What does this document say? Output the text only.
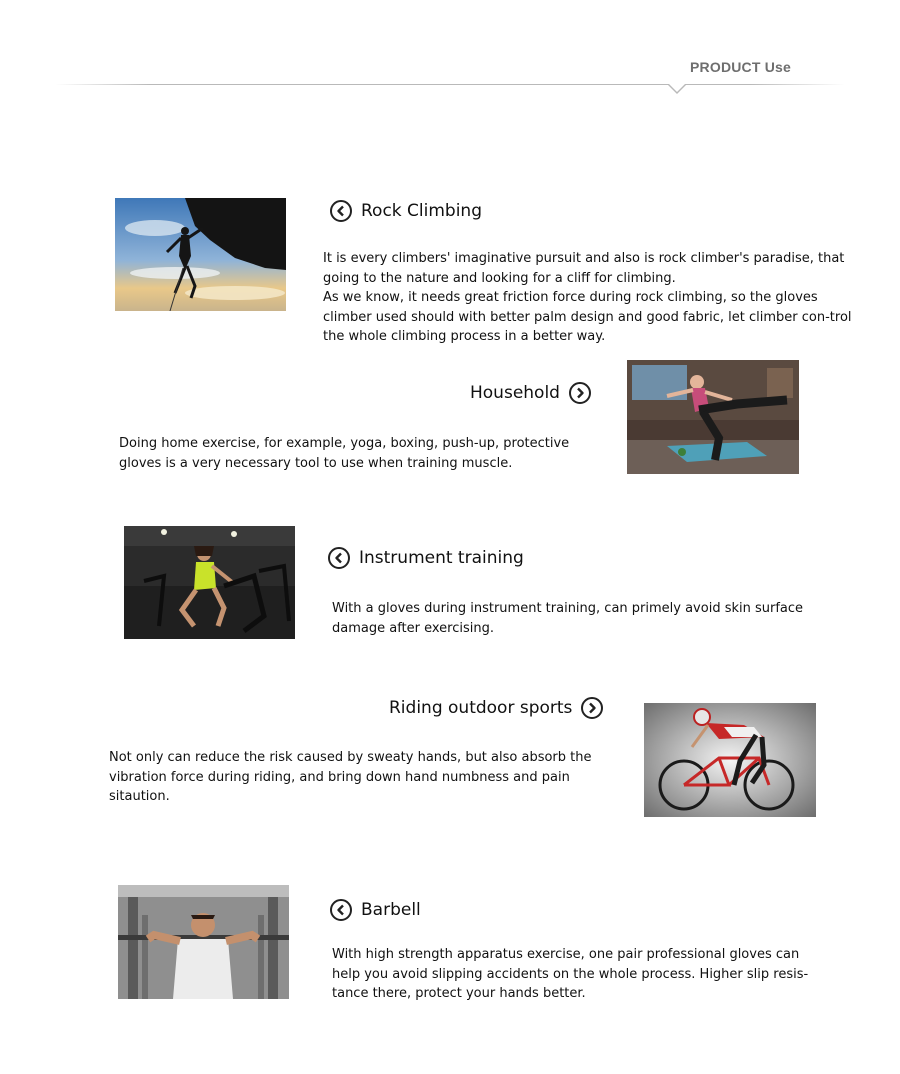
PRODUCT Use
Rock Climbing
It is every climbers' imaginative pursuit and also is rock climber's paradise, that going to the nature and looking for a cliff for climbing.
As we know, it needs great friction force during rock climbing, so the gloves climber used should with better palm design and good fabric, let climber con-trol the whole climbing process in a better way.
Household
Doing home exercise, for example, yoga, boxing, push-up, protective gloves is a very necessary tool to use when training muscle.
Instrument training
With a gloves during instrument training, can primely avoid skin surface damage after exercising.
Riding outdoor sports
Not only can reduce the risk caused by sweaty hands, but also absorb the vibration force during riding, and bring down hand numbness and pain sitaution.
Barbell
With high strength apparatus exercise, one pair professional gloves can help you avoid slipping accidents on the whole process. Higher slip resis-tance there, protect your hands better.
